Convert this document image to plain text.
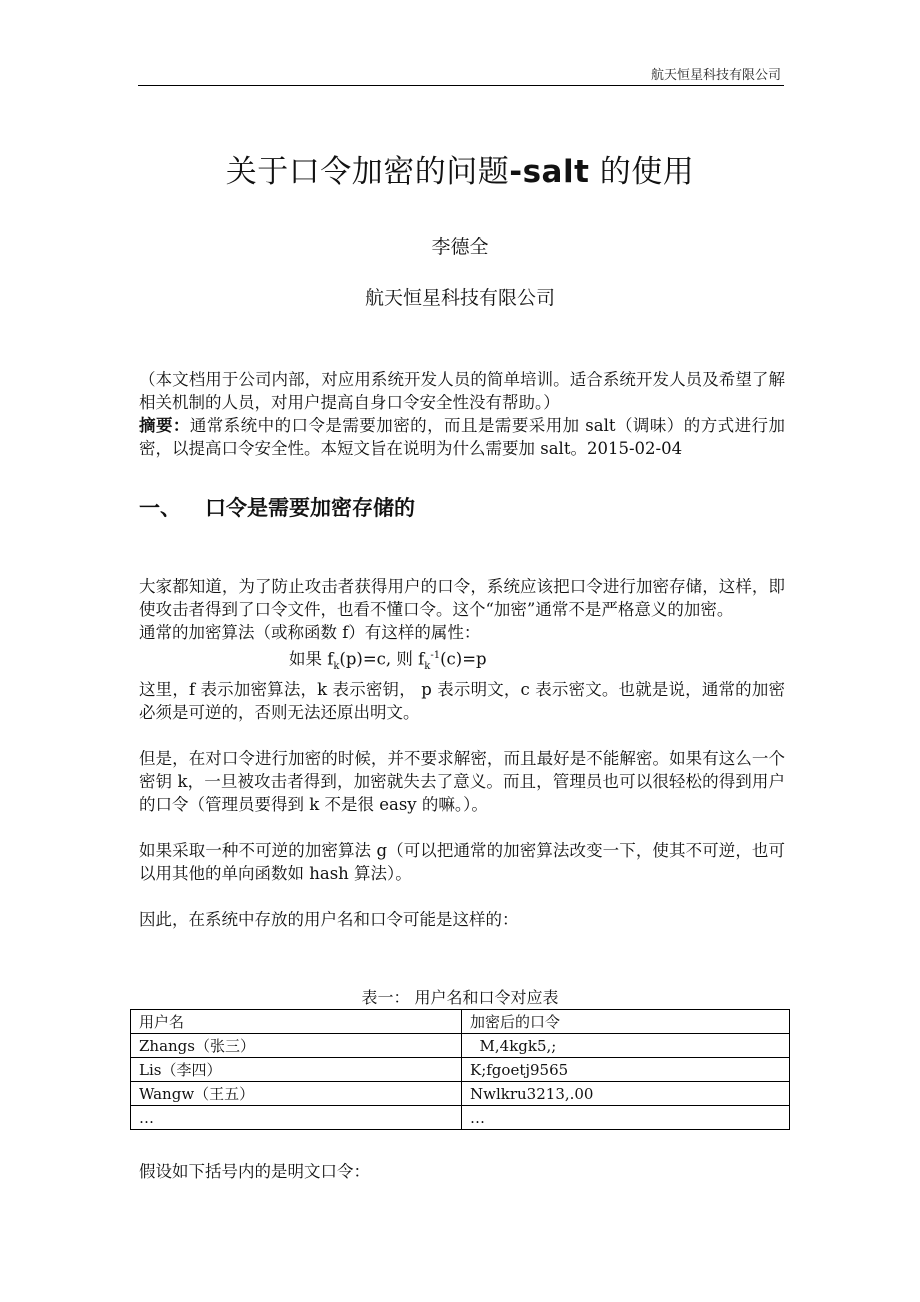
航天恒星科技有限公司
关于口令加密的问题-salt 的使用
李德全
航天恒星科技有限公司

（本文档用于公司内部，对应用系统开发人员的简单培训。适合系统开发人员及希望了解相关机制的人员，对用户提高自身口令安全性没有帮助。）

摘要：通常系统中的口令是需要加密的，而且是需要采用加 salt（调味）的方式进行加密，以提高口令安全性。本短文旨在说明为什么需要加 salt。2015-02-04

一、 口令是需要加密存储的

大家都知道，为了防止攻击者获得用户的口令，系统应该把口令进行加密存储，这样，即使攻击者得到了口令文件，也看不懂口令。这个“加密”通常不是严格意义的加密。

通常的加密算法（或称函数 f）有这样的属性：

如果 $f_k(p)=c$, 则 $f_k^{-1}(c)=p$

这里，f 表示加密算法，k 表示密钥， p 表示明文，c 表示密文。也就是说，通常的加密必须是可逆的，否则无法还原出明文。

但是，在对口令进行加密的时候，并不要求解密，而且最好是不能解密。如果有这么一个密钥 k，一旦被攻击者得到，加密就失去了意义。而且，管理员也可以很轻松的得到用户的口令（管理员要得到 k 不是很 easy 的嘛。）。

如果采取一种不可逆的加密算法 g（可以把通常的加密算法改变一下，使其不可逆，也可以用其他的单向函数如 hash 算法）。

因此，在系统中存放的用户名和口令可能是这样的：

表一： 用户名和口令对应表
用户名	加密后的口令
Zhangs（张三）	M,4kgk5,;
Lis（李四）	K;fgoetj9565
Wangw（王五）	Nwlkru3213,.00
…	…

假设如下括号内的是明文口令：
